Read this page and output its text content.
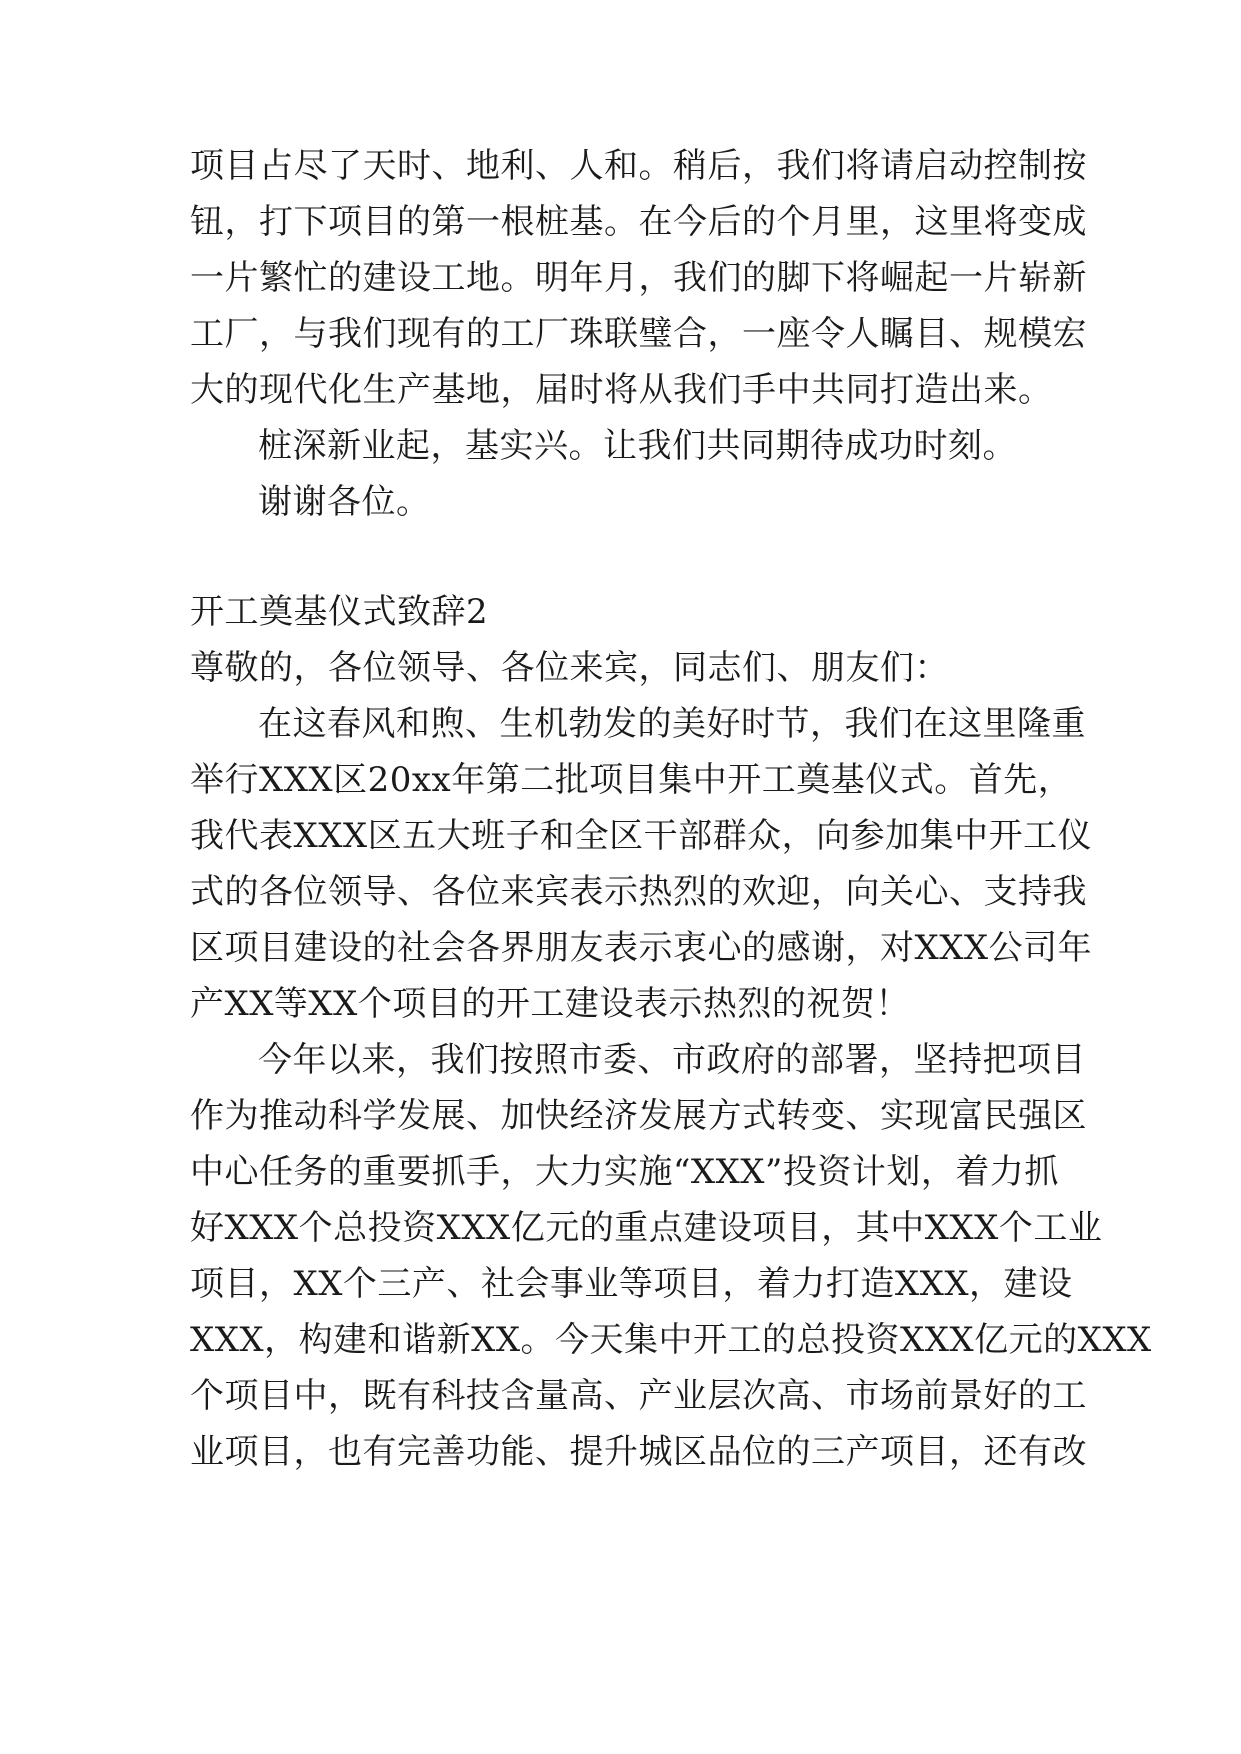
项目占尽了天时、地利、人和。稍后，我们将请启动控制按
钮，打下项目的第一根桩基。在今后的个月里，这里将变成
一片繁忙的建设工地。明年月，我们的脚下将崛起一片崭新
工厂，与我们现有的工厂珠联璧合，一座令人瞩目、规模宏
大的现代化生产基地，届时将从我们手中共同打造出来。
桩深新业起，基实兴。让我们共同期待成功时刻。
谢谢各位。
开工奠基仪式致辞2
尊敬的，各位领导、各位来宾，同志们、朋友们：
在这春风和煦、生机勃发的美好时节，我们在这里隆重
举行XXX区20xx年第二批项目集中开工奠基仪式。首先，
我代表XXX区五大班子和全区干部群众，向参加集中开工仪
式的各位领导、各位来宾表示热烈的欢迎，向关心、支持我
区项目建设的社会各界朋友表示衷心的感谢，对XXX公司年
产XX等XX个项目的开工建设表示热烈的祝贺！
今年以来，我们按照市委、市政府的部署，坚持把项目
作为推动科学发展、加快经济发展方式转变、实现富民强区
中心任务的重要抓手，大力实施“XXX”投资计划，着力抓
好XXX个总投资XXX亿元的重点建设项目，其中XXX个工业
项目，XX个三产、社会事业等项目，着力打造XXX，建设
XXX，构建和谐新XX。今天集中开工的总投资XXX亿元的XXX
个项目中，既有科技含量高、产业层次高、市场前景好的工
业项目，也有完善功能、提升城区品位的三产项目，还有改
